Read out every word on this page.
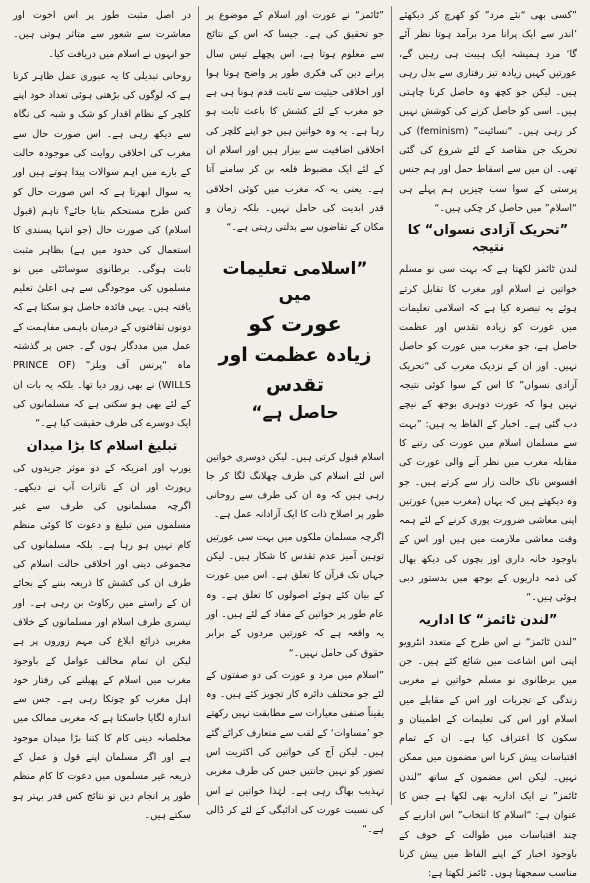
”کسی بھی “نئے مرد” کو کھرچ کر دیکھئے ’اندر سے ایک پرانا مرد برآمد ہوتا نظر آئے گا‘ مرد ہمیشہ ایک ہیبت ہی رہیں گے، عورتیں کہیں زیادہ تیز رفتاری سے بدل رہی ہیں۔ لیکن جو کچھ وہ حاصل کرنا چاہتی ہیں۔ اسی کو حاصل کرنے کی کوشش نہیں کر رہی ہیں۔ “نسائیت” (feminism) کی تحریک جن مقاصد کے لئے شروع کی گئی تھی۔ ان میں سے اسقاط حمل اور ہم جنس پرستی کے سوا سب چیزیں ہم پہلے ہی “اسلام” میں حاصل کر چکی ہیں۔“

”تحریک آزادی نسواں“ کا نتیجہ

لندن ٹائمز لکھتا ہے کہ بہت سی نو مسلم خواتین نے اسلام اور مغرب کا تقابل کرتے ہوئے یہ تبصرہ کیا ہے کہ اسلامی تعلیمات میں عورت کو زیادہ تقدس اور عظمت حاصل ہے، جو مغرب میں عورت کو حاصل نہیں۔ اور ان کے نزدیک مغرب کی “تحریک آزادی نسواں” کا اس کے سوا کوئی نتیجہ نہیں ہوا کہ عورت دوہری بوجھ کے نیچے دب گئی ہے۔ اخبار کے الفاظ یہ ہیں: ”بہت سے مسلمان اسلام میں عورت کی رتبے کا مقابلہ مغرب میں نظر آنے والی عورت کی افسوس ناک حالت زار سے کرتے ہیں۔ جو وہ دیکھتے ہیں کہ یہاں (مغرب میں) عورتیں اپنی معاشی ضرورت پوری کرنے کے لئے ہمہ وقت معاشی ملازمت میں ہیں اور اس کے باوجود خانہ داری اور بچوں کی دیکھ بھال کی ذمہ داریوں کے بوجھ میں بدستور دبی ہوئی ہیں۔“

”لندن ٹائمز“ کا اداریہ

”لندن ٹائمز“ نے اس طرح کے متعدد انٹرویو اپنی اس اشاعت میں شائع کئے ہیں۔ جن میں برطانوی نو مسلم خواتین نے مغربی زندگی کے تجربات اور اس کے مقابلے میں اسلام اور اس کی تعلیمات کے اطمینان و سکون کا اعتراف کیا ہے۔ ان کے تمام اقتباسات پیش کرنا اس مضمون میں ممکن نہیں۔ لیکن اس مضمون کے ساتھ “لندن ٹائمز” نے ایک اداریہ بھی لکھا ہے جس کا عنوان ہے: “اسلام کا انتخاب” اس اداریے کے چند اقتباسات میں طوالت کے خوف کے باوجود اخبار کے اپنے الفاظ میں پیش کرنا مناسب سمجھتا ہوں۔ ٹائمز لکھتا ہے:

”ٹائمز“ نے عورت اور اسلام کے موضوع پر جو تحقیق کی ہے۔ جیسا کہ اس کے نتائج سے معلوم ہوتا ہے، اس پچھلے تیس سال پرانے دین کی فکری طور پر واضح ہوتا ہوا اور اخلاقی حیثیت سے ثابت قدم ہونا ہی ہے جو مغرب کے لئے کشش کا باعث ثابت ہو رہا ہے۔ یہ وہ خواتین ہیں جو اپنے کلچر کی اخلاقی اضافیت سے بیزار ہیں اور اسلام ان کے لئے ایک مضبوط قلعہ بن کر سامنے آتا ہے۔ یعنی یہ کہ مغرب میں کوئی اخلاقی قدر ابدیت کی حامل نہیں۔ بلکہ زمان و مکان کے تقاضوں سے بدلتی رہتی ہے۔“

”اسلامی تعلیمات میں
عورت کو
زیادہ عظمت اور تقدس
حاصل ہے“

اسلام قبول کرتی ہیں۔ لیکن دوسری خواتین اس لئے اسلام کی طرف چھلانگ لگا کر جا رہی ہیں کہ وہ ان کی طرف سے روحانی طور پر اصلاح ذات کا ایک آزادانہ عمل ہے۔

اگرچہ مسلمان ملکوں میں بہت سی عورتیں توہین آمیز عدم تقدس کا شکار ہیں۔ لیکن جہاں تک قرآن کا تعلق ہے۔ اس میں عورت کے بیان کئے ہوئے اصولوں کا تعلق ہے۔ وہ عام طور پر خواتین کے مفاد کے لئے ہیں۔ اور یہ واقعہ ہے کہ عورتیں مردوں کے برابر حقوق کی حامل نہیں۔“

”اسلام میں مرد و عورت کی دو صفتوں کے لئے جو مختلف دائرہ کار تجویز کئے ہیں۔ وہ یقیناً صنفی معیارات سے مطابقت نہیں رکھتے جو ’مساوات‘ کے لقب سے متعارف کرائے گئے ہیں۔ لیکن آج کی خواتین کی اکثریت اس تصور کو نہیں جانتیں جس کی طرف مغربی تہذیب بھاگ رہی ہے۔ لہٰذا خواتین نے اس کی نسبت عورت کی ادائیگی کے لئے کر ڈالی ہے۔“

در اصل مثبت طور پر اس اخوت اور معاشرت سے شعور سے متاثر ہوتی ہیں۔ جو انہوں نے اسلام میں دریافت کیا۔

روحانی تبدیلی کا یہ عبوری عمل ظاہر کرتا ہے کہ لوگوں کی بڑھتی ہوئی تعداد خود اپنے کلچر کے نظام اقدار کو شک و شبہ کی نگاہ سے دیکھ رہی ہے۔ اس صورت حال سے مغرب کی اخلاقی روایت کی موجودہ حالت کے بارے میں اہم سوالات پیدا ہوتے ہیں اور یہ سوال ابھرتا ہے کہ اس صورت حال کو کس طرح مستحکم بنایا جائے؟ تاہم (قبول اسلام) کی صورت حال (جو انتہا پسندی کا استعمال کی حدود میں ہے) بظاہر مثبت ثابت ہوگی۔ برطانوی سوسائٹی میں نو مسلموں کی موجودگی سے ہی اعلیٰ تعلیم یافتہ ہیں۔ یہی فائدہ حاصل ہو سکتا ہے کہ دونوں ثقافتوں کے درمیان باہمی مفاہمت کے عمل میں مددگار ہوں گے۔ جس پر گذشتہ ماہ “پرنس آف ویلز” (PRINCE OF WILLS) نے بھی زور دیا تھا۔ بلکہ یہ بات ان کے لئے بھی ہو سکتی ہے کہ مسلمانوں کی ایک دوسرے کی طرف حقیقت کیا ہے۔“

تبلیغ اسلام کا بڑا میدان

یورپ اور امریکہ کے دو موثر جریدوں کی رپورٹ اور ان کے تاثرات آپ نے دیکھے۔ اگرچہ مسلمانوں کی طرف سے غیر مسلموں میں تبلیغ و دعوت کا کوئی منظم کام نہیں ہو رہا ہے۔ بلکہ مسلمانوں کی مجموعی دینی اور اخلاقی حالت اسلام کی طرف ان کی کشش کا ذریعہ بننے کے بجائے ان کے راستے میں رکاوٹ بن رہی ہے۔ اور تیسری طرف اسلام اور مسلمانوں کے خلاف مغربی ذرائع ابلاغ کی مہم زوروں پر ہے لیکن ان تمام مخالف عوامل کے باوجود مغرب میں اسلام کے پھیلنے کی رفتار خود اہل مغرب کو چونکا رہی ہے۔ جس سے اندازہ لگایا جاسکتا ہے کہ مغربی ممالک میں مخلصانہ دینی کام کا کتنا بڑا میدان موجود ہے اور اگر مسلمان اپنے قول و عمل کے ذریعہ غیر مسلموں میں دعوت کا کام منظم طور پر انجام دیں تو نتائج کس قدر بہتر ہو سکتے ہیں۔
